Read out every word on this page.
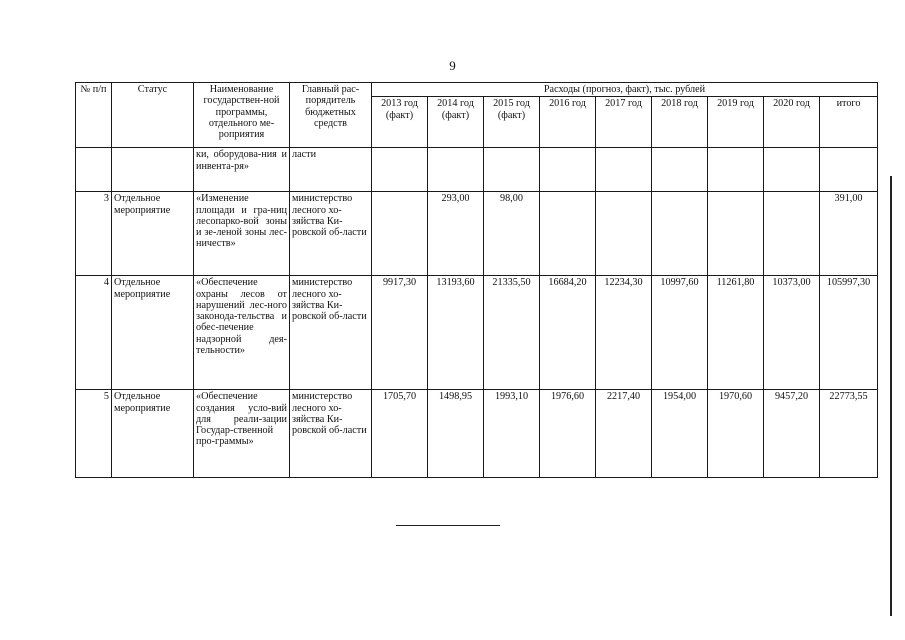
9
№ п/п	Статус	Наименование государствен-ной программы, отдельного ме-роприятия	Главный рас-порядитель бюджетных средств	Расходы (прогноз, факт), тыс. рублей								
				2013 год (факт)	2014 год (факт)	2015 год (факт)	2016 год	2017 год	2018 год	2019 год	2020 год	итого
		ки, оборудова-ния и инвента-ря»	ласти									
3	Отдельное мероприятие	«Изменение площади и гра-ниц лесопарко-вой зоны и зе-леной зоны лес-ничеств»	министерство лесного хо-зяйства Ки-ровской об-ласти		293,00	98,00						391,00
4	Отдельное мероприятие	«Обеспечение охраны лесов от нарушений лес-ного законода-тельства и обес-печение надзорной дея-тельности»	министерство лесного хо-зяйства Ки-ровской об-ласти	9917,30	13193,60	21335,50	16684,20	12234,30	10997,60	11261,80	10373,00	105997,30
5	Отдельное мероприятие	«Обеспечение создания усло-вий для реали-зации Государ-ственной про-граммы»	министерство лесного хо-зяйства Ки-ровской об-ласти	1705,70	1498,95	1993,10	1976,60	2217,40	1954,00	1970,60	9457,20	22773,55
